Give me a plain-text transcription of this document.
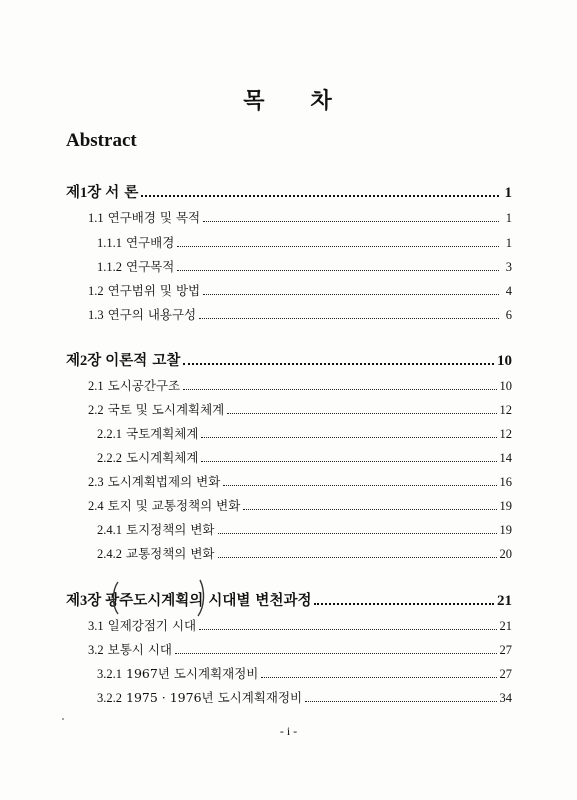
목 차
Abstract
제1장 서 론	1
1.1 연구배경 및 목적	1
1.1.1 연구배경	1
1.1.2 연구목적	3
1.2 연구범위 및 방법	4
1.3 연구의 내용구성	6
제2장 이론적 고찰	10
2.1 도시공간구조	10
2.2 국토 및 도시계획체계	12
2.2.1 국토계획체계	12
2.2.2 도시계획체계	14
2.3 도시계획법제의 변화	16
2.4 토지 및 교통정책의 변화	19
2.4.1 토지정책의 변화	19
2.4.2 교통정책의 변화	20
제3장 광주도시계획의 시대별 변천과정	21
3.1 일제강점기 시대	21
3.2 보통시 시대	27
3.2.1 1967년 도시계획재정비	27
3.2.2 1975 · 1976년 도시계획재정비	34
- i -
